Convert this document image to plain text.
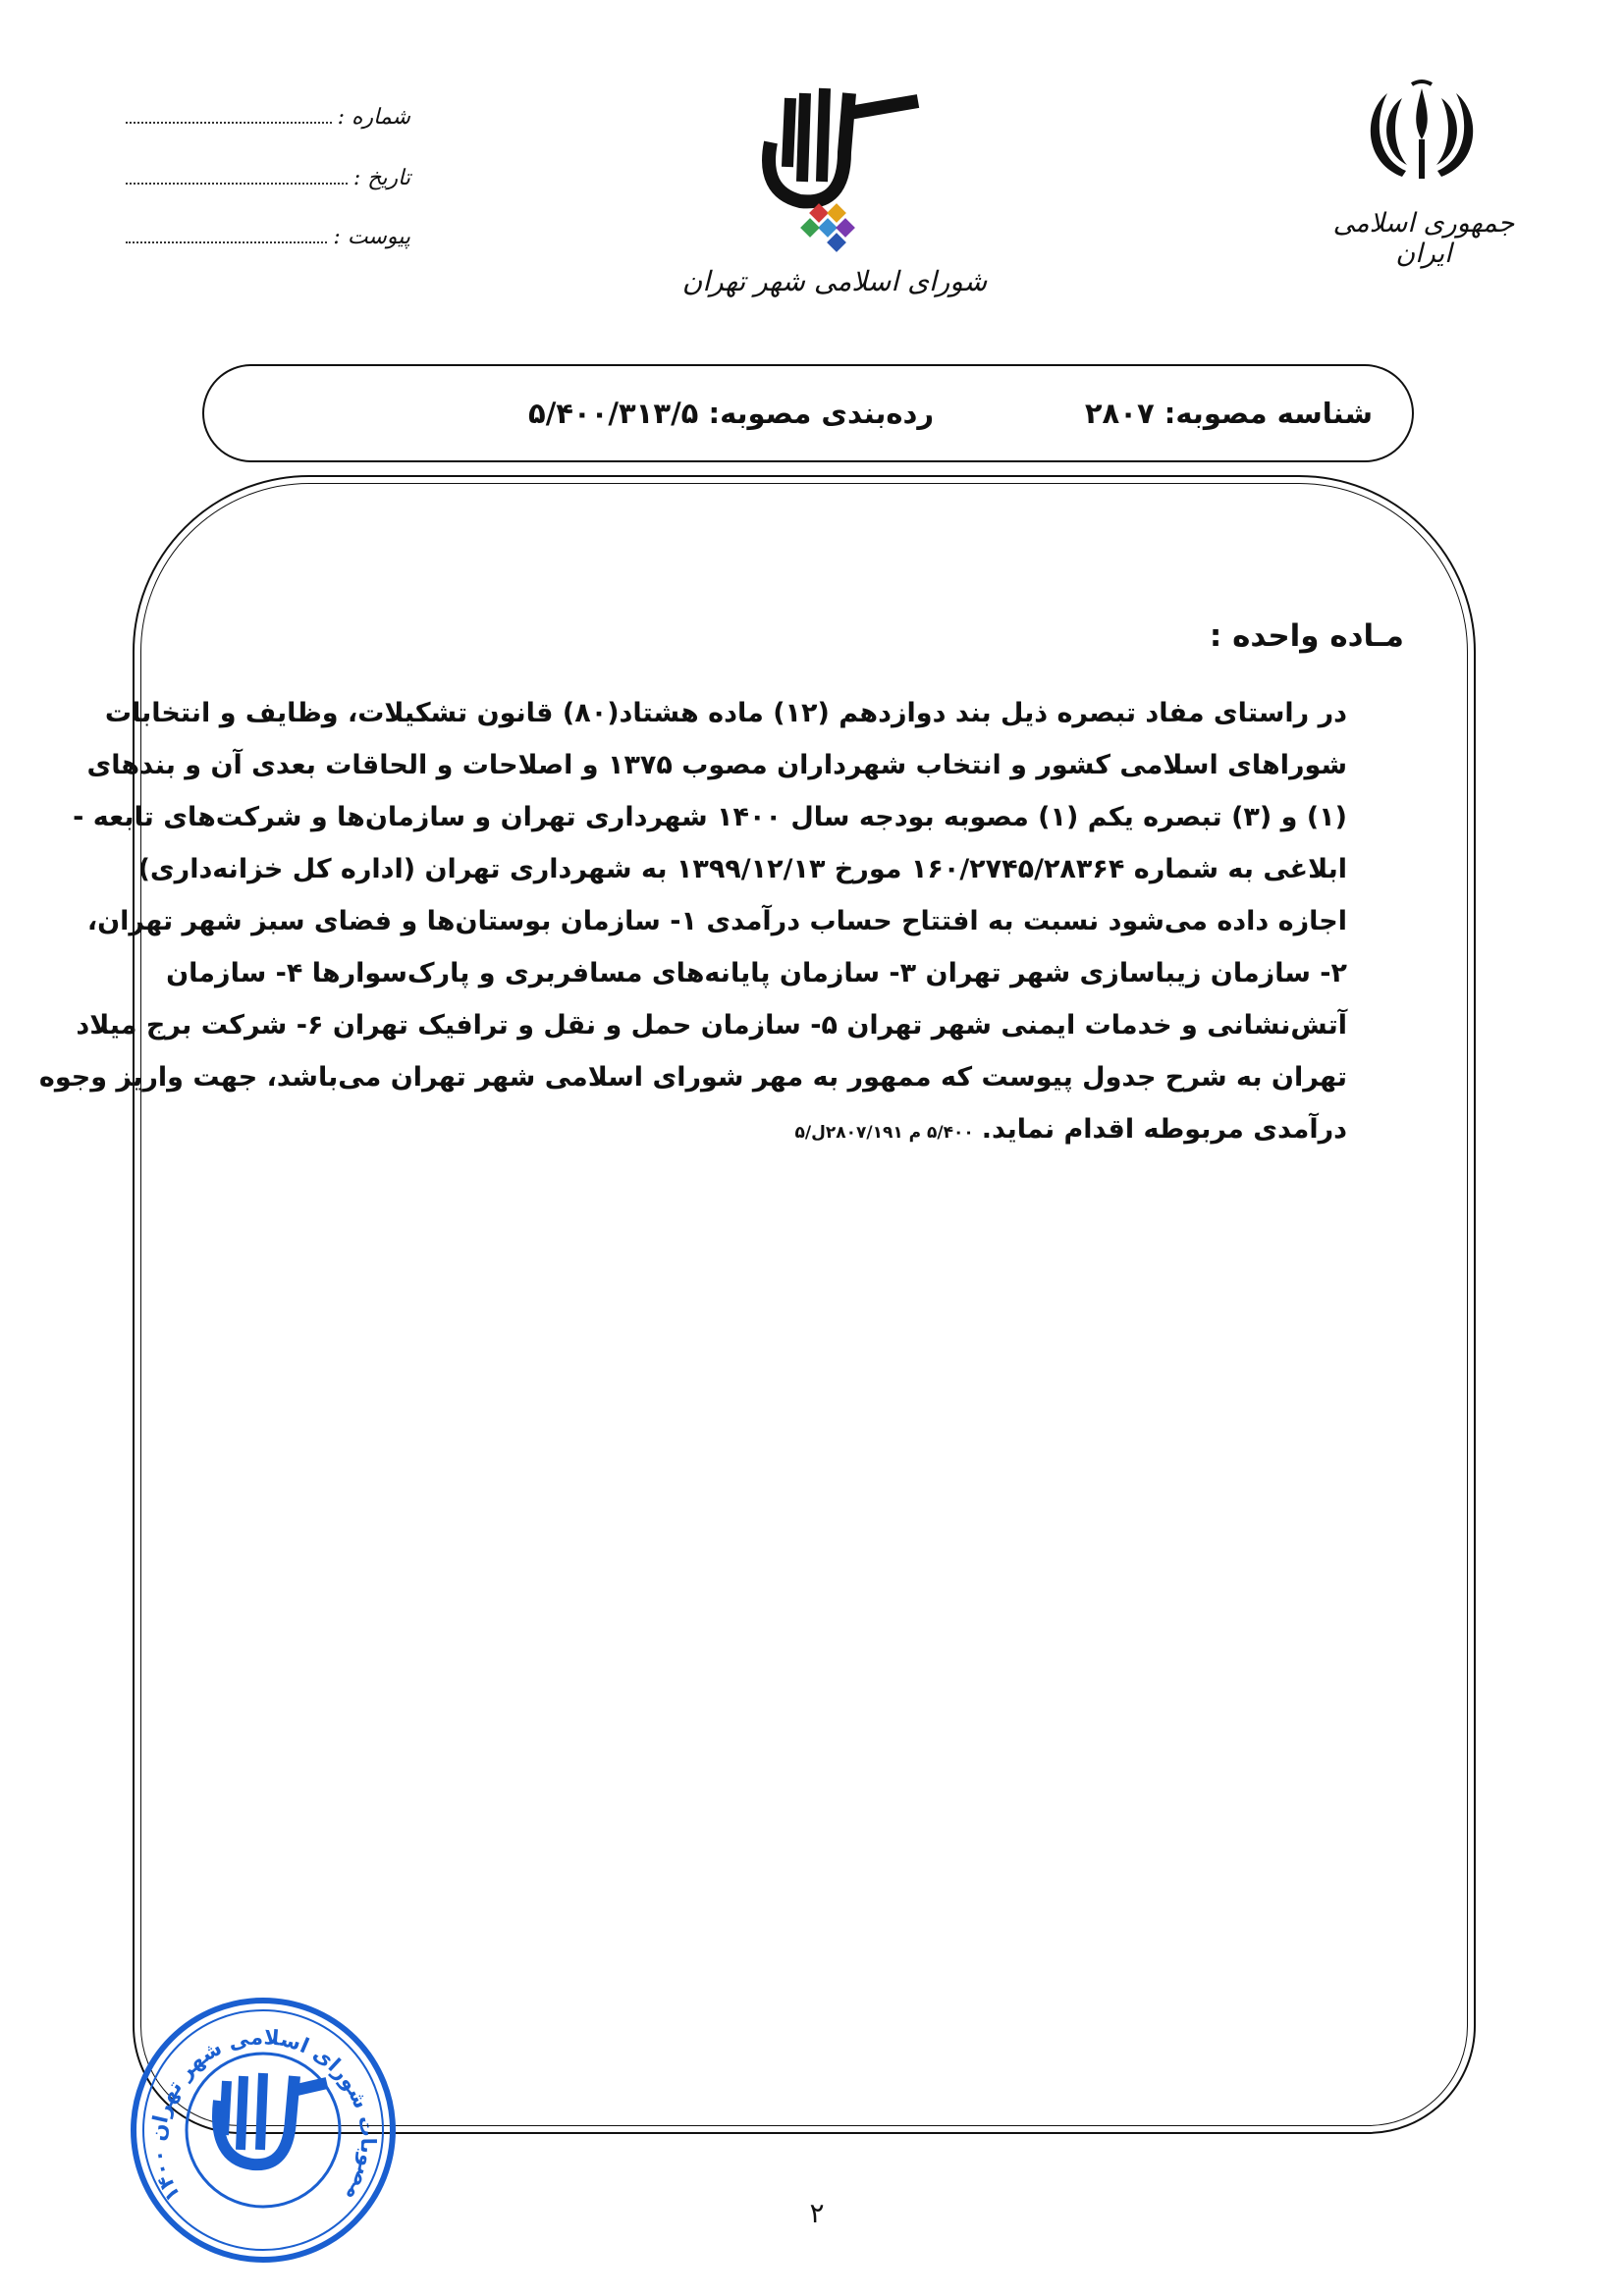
جمهوری اسلامی ایران
شورای اسلامی شهر تهران
شماره :
تاریخ :
پیوست :
شناسه مصوبه: ۲۸۰۷
رده‌بندی مصوبه: ۵/۴۰۰/۳۱۳/۵
مـاده واحده :
در راستای مفاد تبصره ذیل بند دوازدهم (۱۲) ماده هشتاد(۸۰) قانون تشکیلات، وظایف و انتخابات
شوراهای اسلامی کشور و انتخاب شهرداران مصوب ۱۳۷۵ و اصلاحات و الحاقات بعدی آن و بندهای
(۱) و (۳) تبصره یکم (۱) مصوبه بودجه سال ۱۴۰۰ شهرداری تهران و سازمان‌ها و شرکت‌های تابعه -
ابلاغی به شماره ۱۶۰/۲۷۴۵/۲۸۳۶۴ مورخ ۱۳۹۹/۱۲/۱۳ به شهرداری تهران (اداره کل خزانه‌داری)
اجازه داده می‌شود نسبت به افتتاح حساب درآمدی ۱- سازمان بوستان‌ها و فضای سبز شهر تهران،
۲- سازمان زیباسازی شهر تهران ۳- سازمان پایانه‌های مسافربری و پارک‌سوارها ۴- سازمان
آتش‌نشانی و خدمات ایمنی شهر تهران ۵- سازمان حمل و نقل و ترافیک تهران ۶- شرکت برج میلاد
تهران به شرح جدول پیوست که ممهور به مهر شورای اسلامی شهر تهران می‌باشد، جهت واریز وجوه
درآمدی مربوطه اقدام نماید.۵/۴۰۰ م ۲۸۰۷/۱۹۱ل/۵
مصوبات شورای اسلامی شهر تهران ۱۴۰۰
۲
